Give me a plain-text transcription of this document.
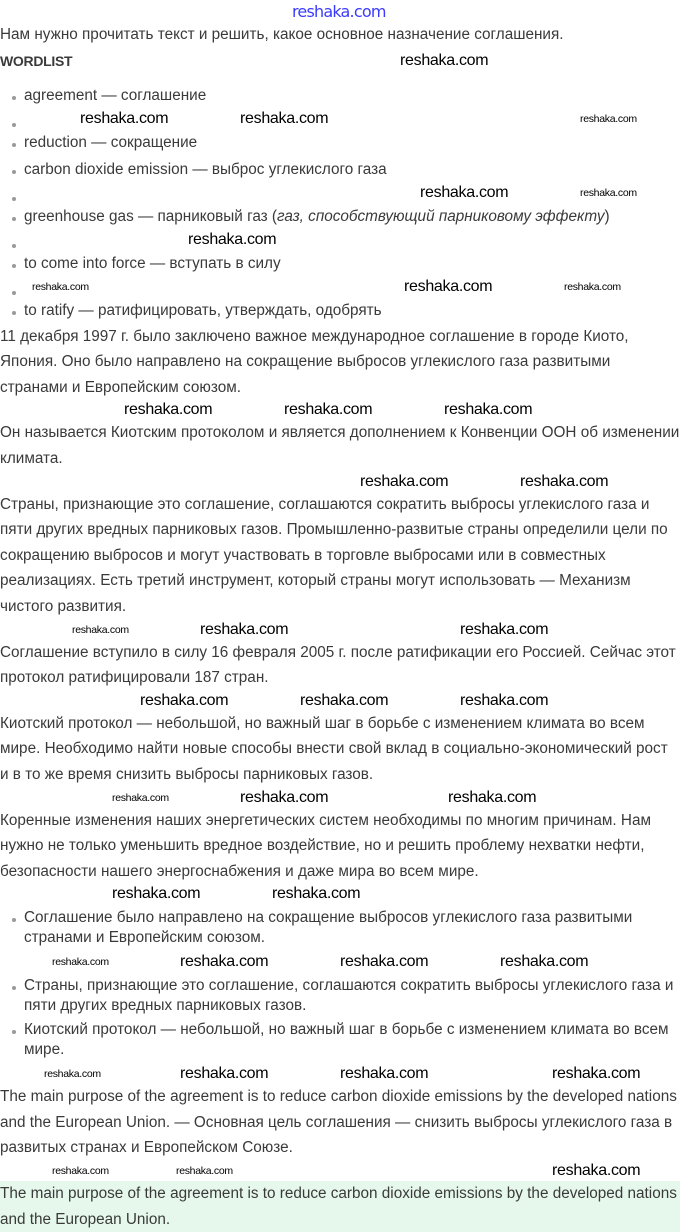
reshaka.com
Нам нужно прочитать текст и решить, какое основное назначение соглашения.
WORDLIST	reshaka.com
agreement — соглашение
reshaka.com	reshaka.com	reshaka.com
reduction — сокращение
carbon dioxide emission — выброс углекислого газа
reshaka.com	reshaka.com
greenhouse gas — парниковый газ (газ, способствующий парниковому эффекту)
reshaka.com
to come into force — вступать в силу
reshaka.com	reshaka.com	reshaka.com
to ratify — ратифицировать, утверждать, одобрять
11 декабря 1997 г. было заключено важное международное соглашение в городе Киото, Япония. Оно было направлено на сокращение выбросов углекислого газа развитыми странами и Европейским союзом.
reshaka.com	reshaka.com	reshaka.com
Он называется Киотским протоколом и является дополнением к Конвенции ООН об изменении климата.
reshaka.com	reshaka.com
Страны, признающие это соглашение, соглашаются сократить выбросы углекислого газа и пяти других вредных парниковых газов. Промышленно-развитые страны определили цели по сокращению выбросов и могут участвовать в торговле выбросами или в совместных реализациях. Есть третий инструмент, который страны могут использовать — Механизм чистого развития.
reshaka.com	reshaka.com	reshaka.com
Соглашение вступило в силу 16 февраля 2005 г. после ратификации его Россией. Сейчас этот протокол ратифицировали 187 стран.
reshaka.com	reshaka.com	reshaka.com
Киотский протокол — небольшой, но важный шаг в борьбе с изменением климата во всем мире. Необходимо найти новые способы внести свой вклад в социально-экономический рост и в то же время снизить выбросы парниковых газов.
reshaka.com	reshaka.com	reshaka.com
Коренные изменения наших энергетических систем необходимы по многим причинам. Нам нужно не только уменьшить вредное воздействие, но и решить проблему нехватки нефти, безопасности нашего энергоснабжения и даже мира во всем мире.
reshaka.com	reshaka.com
Соглашение было направлено на сокращение выбросов углекислого газа развитыми странами и Европейским союзом.
reshaka.com	reshaka.com	reshaka.com	reshaka.com
Страны, признающие это соглашение, соглашаются сократить выбросы углекислого газа и пяти других вредных парниковых газов.
Киотский протокол — небольшой, но важный шаг в борьбе с изменением климата во всем мире.
reshaka.com	reshaka.com	reshaka.com	reshaka.com
The main purpose of the agreement is to reduce carbon dioxide emissions by the developed nations and the European Union. — Основная цель соглашения — снизить выбросы углекислого газа в развитых странах и Европейском Союзе.
reshaka.com	reshaka.com	reshaka.com
The main purpose of the agreement is to reduce carbon dioxide emissions by the developed nations and the European Union.
